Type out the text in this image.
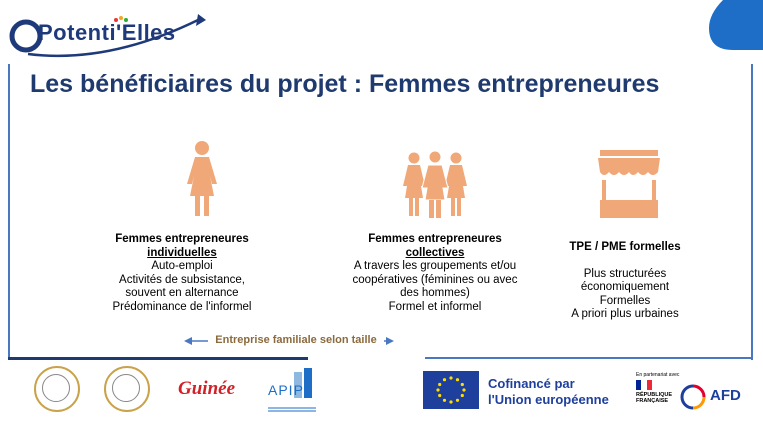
Potenti'Elles
Les bénéficiaires du projet : Femmes entrepreneures
Femmes entrepreneures
individuelles
Auto-emploi
Activités de subsistance,
souvent en alternance
Prédominance de l'informel
Femmes entrepreneures
collectives
A travers les groupements et/ou
coopératives (féminines ou avec
des hommes)
Formel et informel
TPE / PME formelles
Plus structurées
économiquement
Formelles
A priori plus urbaines
Entreprise familiale selon taille
Guinée APIP	Cofinancé par
l'Union européenne
En partenariat avec
RÉPUBLIQUE FRANÇAISE	AFD
